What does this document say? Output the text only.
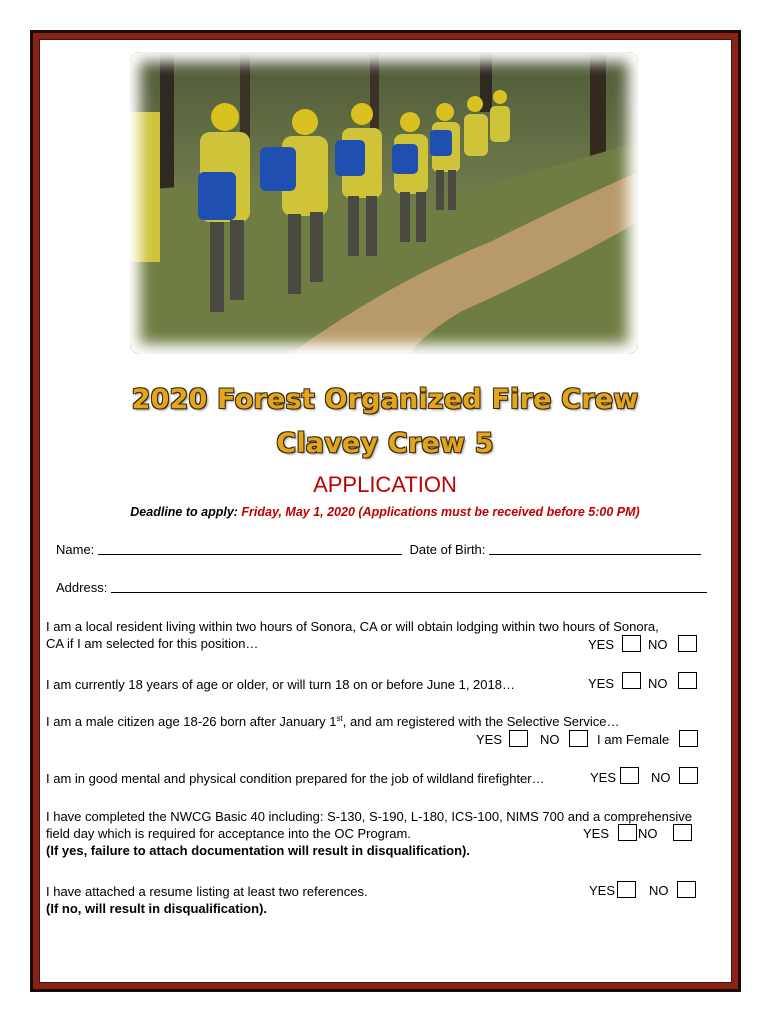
2020 Forest Organized Fire Crew
Clavey Crew 5
APPLICATION
Deadline to apply: Friday, May 1, 2020 (Applications must be received before 5:00 PM)
Name:	Date of Birth:
Address:
I am a local resident living within two hours of Sonora, CA or will obtain lodging within two hours of Sonora,
CA if I am selected for this position…	YES	NO
I am currently 18 years of age or older, or will turn 18 on or before June 1, 2018…	YES	NO
I am a male citizen age 18-26 born after January 1st, and am registered with the Selective Service…
YES	NO	I am Female
I am in good mental and physical condition prepared for the job of wildland firefighter…	YES	NO
I have completed the NWCG Basic 40 including: S-130, S-190, L-180, ICS-100, NIMS 700 and a comprehensive
field day which is required for acceptance into the OC Program.
(If yes, failure to attach documentation will result in disqualification).
YES NO
I have attached a resume listing at least two references.
(If no, will result in disqualification).
YES	NO
